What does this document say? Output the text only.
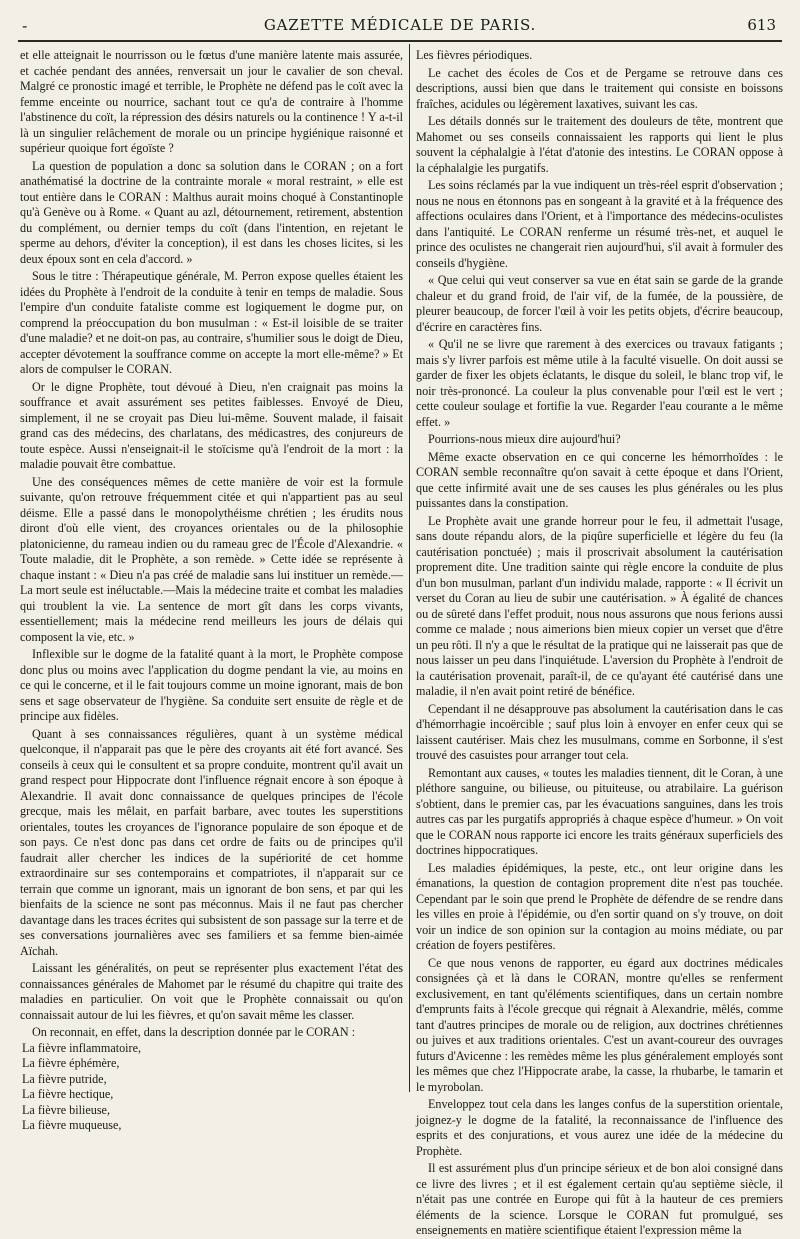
-	GAZETTE MÉDICALE DE PARIS.	613

et elle atteignait le nourrisson ou le fœtus d'une manière latente mais assurée, et cachée pendant des années, renversait un jour le cavalier de son cheval. Malgré ce pronostic imagé et terrible, le Prophète ne défend pas le coït avec la femme enceinte ou nourrice, sachant tout ce qu'a de contraire à l'homme l'abstinence du coït, la répression des désirs naturels ou la continence ! Y a-t-il là un singulier relâchement de morale ou un principe hygiénique raisonné et supérieur quoique fort égoïste ?

La question de population a donc sa solution dans le CORAN ; on a fort anathématisé la doctrine de la contrainte morale « moral restraint, » elle est tout entière dans le CORAN : Malthus aurait moins choqué à Constantinople qu'à Genève ou à Rome. « Quant au azl, détournement, retirement, abstention du complément, ou dernier temps du coït (dans l'intention, en rejetant le sperme au dehors, d'éviter la conception), il est dans les choses licites, si les deux époux sont en cela d'accord. »

Sous le titre : Thérapeutique générale, M. Perron expose quelles étaient les idées du Prophète à l'endroit de la conduite à tenir en temps de maladie. Sous l'empire d'un conduite fataliste comme est logiquement le dogme pur, on comprend la préoccupation du bon musulman : « Est-il loisible de se traiter d'une maladie? et ne doit-on pas, au contraire, s'humilier sous le doigt de Dieu, accepter dévotement la souffrance comme on accepte la mort elle-même? » Et alors de compulser le CORAN.

Or le digne Prophète, tout dévoué à Dieu, n'en craignait pas moins la souffrance et avait assurément ses petites faiblesses. Envoyé de Dieu, simplement, il ne se croyait pas Dieu lui-même. Souvent malade, il faisait grand cas des médecins, des charlatans, des médicastres, des conjureurs de toute espèce. Aussi n'enseignait-il le stoïcisme qu'à l'endroit de la mort : la maladie pouvait être combattue.

Une des conséquences mêmes de cette manière de voir est la formule suivante, qu'on retrouve fréquemment citée et qui n'appartient pas au seul déisme. Elle a passé dans le monopolythéisme chrétien ; les érudits nous diront d'où elle vient, des croyances orientales ou de la philosophie platonicienne, du rameau indien ou du rameau grec de l'École d'Alexandrie. « Toute maladie, dit le Prophète, a son remède. » Cette idée se représente à chaque instant : « Dieu n'a pas créé de maladie sans lui instituer un remède.—La mort seule est inéluctable.—Mais la médecine traite et combat les maladies qui troublent la vie. La sentence de mort gît dans les corps vivants, essentiellement; mais la médecine rend meilleurs les jours de délais qui composent la vie, etc. »

Inflexible sur le dogme de la fatalité quant à la mort, le Prophète compose donc plus ou moins avec l'application du dogme pendant la vie, au moins en ce qui le concerne, et il le fait toujours comme un moine ignorant, mais de bon sens et sage observateur de l'hygiène. Sa conduite sert ensuite de règle et de principe aux fidèles.

Quant à ses connaissances régulières, quant à un système médical quelconque, il n'apparait pas que le père des croyants ait été fort avancé. Ses conseils à ceux qui le consultent et sa propre conduite, montrent qu'il avait un grand respect pour Hippocrate dont l'influence régnait encore à son époque à Alexandrie. Il avait donc connaissance de quelques principes de l'école grecque, mais les mêlait, en parfait barbare, avec toutes les superstitions orientales, toutes les croyances de l'ignorance populaire de son époque et de son pays. Ce n'est donc pas dans cet ordre de faits ou de principes qu'il faudrait aller chercher les indices de la supériorité de cet homme extraordinaire sur ses contemporains et compatriotes, il n'apparait sur ce terrain que comme un ignorant, mais un ignorant de bon sens, et par qui les bienfaits de la science ne sont pas méconnus. Mais il ne faut pas chercher davantage dans les traces écrites qui subsistent de son passage sur la terre et de ses conversations journalières avec ses familiers et sa femme bien-aimée Aïchah.

Laissant les généralités, on peut se représenter plus exactement l'état des connaissances générales de Mahomet par le résumé du chapitre qui traite des maladies en particulier. On voit que le Prophète connaissait ou qu'on connaissait autour de lui les fièvres, et qu'on savait même les classer.

On reconnait, en effet, dans la description donnée par le CORAN :

La fièvre inflammatoire,
La fièvre éphémère,
La fièvre putride,
La fièvre hectique,
La fièvre bilieuse,
La fièvre muqueuse,

Les fièvres périodiques.

Le cachet des écoles de Cos et de Pergame se retrouve dans ces descriptions, aussi bien que dans le traitement qui consiste en boissons fraîches, acidules ou légèrement laxatives, suivant les cas.

Les détails donnés sur le traitement des douleurs de tête, montrent que Mahomet ou ses conseils connaissaient les rapports qui lient le plus souvent la céphalalgie à l'état d'atonie des intestins. Le CORAN oppose à la céphalalgie les purgatifs.

Les soins réclamés par la vue indiquent un très-réel esprit d'observation ; nous ne nous en étonnons pas en songeant à la gravité et à la fréquence des affections oculaires dans l'Orient, et à l'importance des médecins-oculistes dans l'antiquité. Le CORAN renferme un résumé très-net, et auquel le prince des oculistes ne changerait rien aujourd'hui, s'il avait à formuler des conseils d'hygiène.

« Que celui qui veut conserver sa vue en état sain se garde de la grande chaleur et du grand froid, de l'air vif, de la fumée, de la poussière, de pleurer beaucoup, de forcer l'œil à voir les petits objets, d'écrire beaucoup, d'écrire en caractères fins.

« Qu'il ne se livre que rarement à des exercices ou travaux fatigants ; mais s'y livrer parfois est même utile à la faculté visuelle. On doit aussi se garder de fixer les objets éclatants, le disque du soleil, le blanc trop vif, le noir très-prononcé. La couleur la plus convenable pour l'œil est le vert ; cette couleur soulage et fortifie la vue. Regarder l'eau courante a le même effet. »

Pourrions-nous mieux dire aujourd'hui?

Même exacte observation en ce qui concerne les hémorrhoïdes : le CORAN semble reconnaître qu'on savait à cette époque et dans l'Orient, que cette infirmité avait une de ses causes les plus générales ou les plus puissantes dans la constipation.

Le Prophète avait une grande horreur pour le feu, il admettait l'usage, sans doute répandu alors, de la piqûre superficielle et légère du feu (la cautérisation ponctuée) ; mais il proscrivait absolument la cautérisation proprement dite. Une tradition sainte qui règle encore la conduite de plus d'un bon musulman, parlant d'un individu malade, rapporte : « Il écrivit un verset du Coran au lieu de subir une cautérisation. » À égalité de chances ou de sûreté dans l'effet produit, nous nous assurons que nous ferions aussi comme ce malade ; nous aimerions bien mieux copier un verset que d'être un peu rôti. Il n'y a que le résultat de la pratique qui ne laisserait pas que de nous laisser un peu dans l'inquiétude. L'aversion du Prophète à l'endroit de la cautérisation provenait, paraît-il, de ce qu'ayant été cautérisé dans une maladie, il n'en avait point retiré de bénéfice.

Cependant il ne désapprouve pas absolument la cautérisation dans le cas d'hémorrhagie incoërcible ; sauf plus loin à envoyer en enfer ceux qui se laissent cautériser. Mais chez les musulmans, comme en Sorbonne, il s'est trouvé des casuistes pour arranger tout cela.

Remontant aux causes, « toutes les maladies tiennent, dit le Coran, à une pléthore sanguine, ou bilieuse, ou pituiteuse, ou atrabilaire. La guérison s'obtient, dans le premier cas, par les évacuations sanguines, dans les trois autres cas par les purgatifs appropriés à chaque espèce d'humeur. » On voit que le CORAN nous rapporte ici encore les traits généraux superficiels des doctrines hippocratiques.

Les maladies épidémiques, la peste, etc., ont leur origine dans les émanations, la question de contagion proprement dite n'est pas touchée. Cependant par le soin que prend le Prophète de défendre de se rendre dans les villes en proie à l'épidémie, ou d'en sortir quand on s'y trouve, on doit voir un indice de son opinion sur la contagion au moins médiate, ou par création de foyers pestifères.

Ce que nous venons de rapporter, eu égard aux doctrines médicales consignées çà et là dans le CORAN, montre qu'elles se renferment exclusivement, en tant qu'éléments scientifiques, dans un certain nombre d'emprunts faits à l'école grecque qui régnait à Alexandrie, mêlés, comme tant d'autres principes de morale ou de religion, aux doctrines chrétiennes ou juives et aux traditions orientales. C'est un avant-coureur des ouvrages futurs d'Avicenne : les remèdes même les plus généralement employés sont les mêmes que chez l'Hippocrate arabe, la casse, la rhubarbe, le tamarin et le myrobolan.

Enveloppez tout cela dans les langes confus de la superstition orientale, joignez-y le dogme de la fatalité, la reconnaissance de l'influence des esprits et des conjurations, et vous aurez une idée de la médecine du Prophète.

Il est assurément plus d'un principe sérieux et de bon aloi consigné dans ce livre des livres ; et il est également certain qu'au septième siècle, il n'était pas une contrée en Europe qui fût à la hauteur de ces premiers éléments de la science. Lorsque le CORAN fut promulgué, ses enseignements en matière scientifique étaient l'expression même la
